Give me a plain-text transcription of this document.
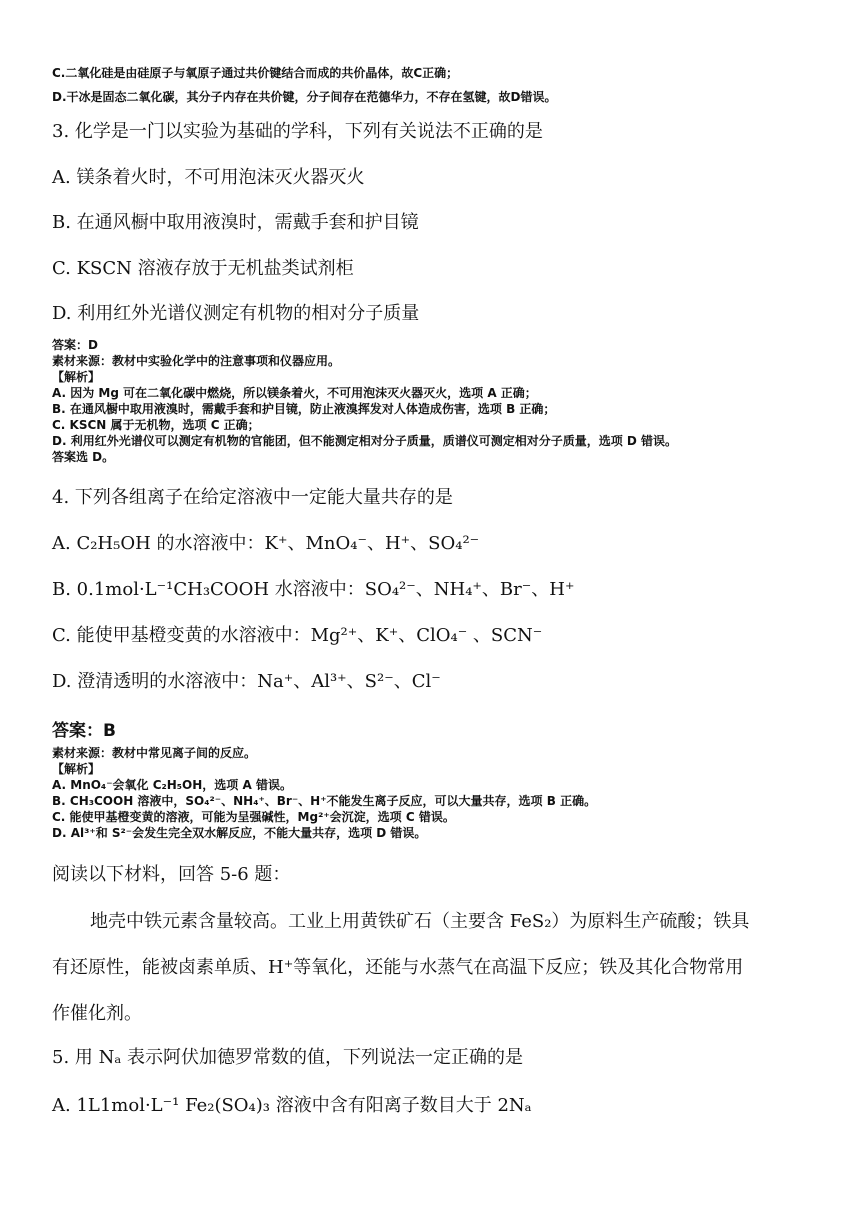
C.二氧化硅是由硅原子与氧原子通过共价键结合而成的共价晶体，故C正确；
D.干冰是固态二氧化碳，其分子内存在共价键，分子间存在范德华力，不存在氢键，故D错误。
3. 化学是一门以实验为基础的学科，下列有关说法不正确的是
A. 镁条着火时，不可用泡沫灭火器灭火
B. 在通风橱中取用液溴时，需戴手套和护目镜
C. KSCN 溶液存放于无机盐类试剂柜
D. 利用红外光谱仪测定有机物的相对分子质量
答案：D
素材来源：教材中实验化学中的注意事项和仪器应用。
【解析】
A. 因为 Mg 可在二氧化碳中燃烧，所以镁条着火，不可用泡沫灭火器灭火，选项 A 正确；
B. 在通风橱中取用液溴时，需戴手套和护目镜，防止液溴挥发对人体造成伤害，选项 B 正确；
C. KSCN 属于无机物，选项 C 正确；
D. 利用红外光谱仪可以测定有机物的官能团，但不能测定相对分子质量，质谱仪可测定相对分子质量，选项 D 错误。
答案选 D。
4. 下列各组离子在给定溶液中一定能大量共存的是
A. C₂H₅OH 的水溶液中：K⁺、MnO₄⁻、H⁺、SO₄²⁻
B. 0.1mol·L⁻¹CH₃COOH 水溶液中：SO₄²⁻、NH₄⁺、Br⁻、H⁺
C. 能使甲基橙变黄的水溶液中：Mg²⁺、K⁺、ClO₄⁻ 、SCN⁻
D. 澄清透明的水溶液中：Na⁺、Al³⁺、S²⁻、Cl⁻
答案：B
素材来源：教材中常见离子间的反应。
【解析】
A. MnO₄⁻会氧化 C₂H₅OH，选项 A 错误。
B. CH₃COOH 溶液中，SO₄²⁻、NH₄⁺、Br⁻、H⁺不能发生离子反应，可以大量共存，选项 B 正确。
C. 能使甲基橙变黄的溶液，可能为呈强碱性，Mg²⁺会沉淀，选项 C 错误。
D. Al³⁺和 S²⁻会发生完全双水解反应，不能大量共存，选项 D 错误。
阅读以下材料，回答 5-6 题：
地壳中铁元素含量较高。工业上用黄铁矿石（主要含 FeS₂）为原料生产硫酸；铁具
有还原性，能被卤素单质、H⁺等氧化，还能与水蒸气在高温下反应；铁及其化合物常用
作催化剂。
5. 用 Nₐ 表示阿伏加德罗常数的值，下列说法一定正确的是
A. 1L1mol·L⁻¹ Fe₂(SO₄)₃ 溶液中含有阳离子数目大于 2Nₐ
